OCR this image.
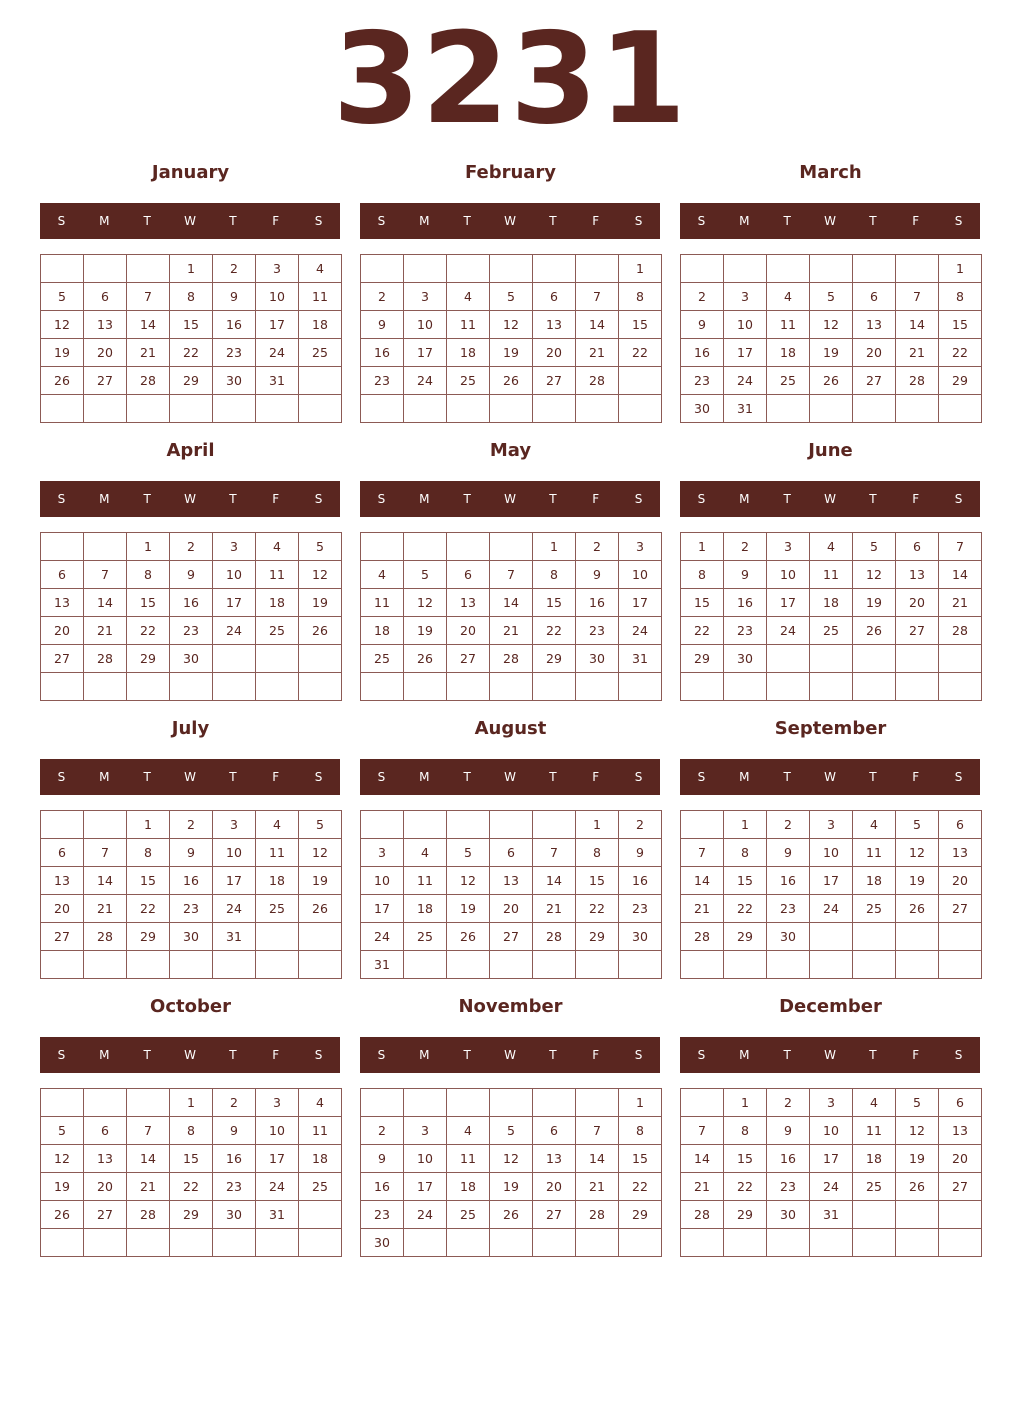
3231
January
S	M	T	W	T	F	S
			1	2	3	4
5	6	7	8	9	10	11
12	13	14	15	16	17	18
19	20	21	22	23	24	25
26	27	28	29	30	31	

February
S	M	T	W	T	F	S
						1
2	3	4	5	6	7	8
9	10	11	12	13	14	15
16	17	18	19	20	21	22
23	24	25	26	27	28	

March
S	M	T	W	T	F	S
						1
2	3	4	5	6	7	8
9	10	11	12	13	14	15
16	17	18	19	20	21	22
23	24	25	26	27	28	29
30	31					
April
S	M	T	W	T	F	S
		1	2	3	4	5
6	7	8	9	10	11	12
13	14	15	16	17	18	19
20	21	22	23	24	25	26
27	28	29	30			

May
S	M	T	W	T	F	S
				1	2	3
4	5	6	7	8	9	10
11	12	13	14	15	16	17
18	19	20	21	22	23	24
25	26	27	28	29	30	31

June
S	M	T	W	T	F	S
1	2	3	4	5	6	7
8	9	10	11	12	13	14
15	16	17	18	19	20	21
22	23	24	25	26	27	28
29	30					

July
S	M	T	W	T	F	S
		1	2	3	4	5
6	7	8	9	10	11	12
13	14	15	16	17	18	19
20	21	22	23	24	25	26
27	28	29	30	31		

August
S	M	T	W	T	F	S
					1	2
3	4	5	6	7	8	9
10	11	12	13	14	15	16
17	18	19	20	21	22	23
24	25	26	27	28	29	30
31						
September
S	M	T	W	T	F	S
	1	2	3	4	5	6
7	8	9	10	11	12	13
14	15	16	17	18	19	20
21	22	23	24	25	26	27
28	29	30				

October
S	M	T	W	T	F	S
			1	2	3	4
5	6	7	8	9	10	11
12	13	14	15	16	17	18
19	20	21	22	23	24	25
26	27	28	29	30	31	

November
S	M	T	W	T	F	S
						1
2	3	4	5	6	7	8
9	10	11	12	13	14	15
16	17	18	19	20	21	22
23	24	25	26	27	28	29
30						
December
S	M	T	W	T	F	S
	1	2	3	4	5	6
7	8	9	10	11	12	13
14	15	16	17	18	19	20
21	22	23	24	25	26	27
28	29	30	31			
